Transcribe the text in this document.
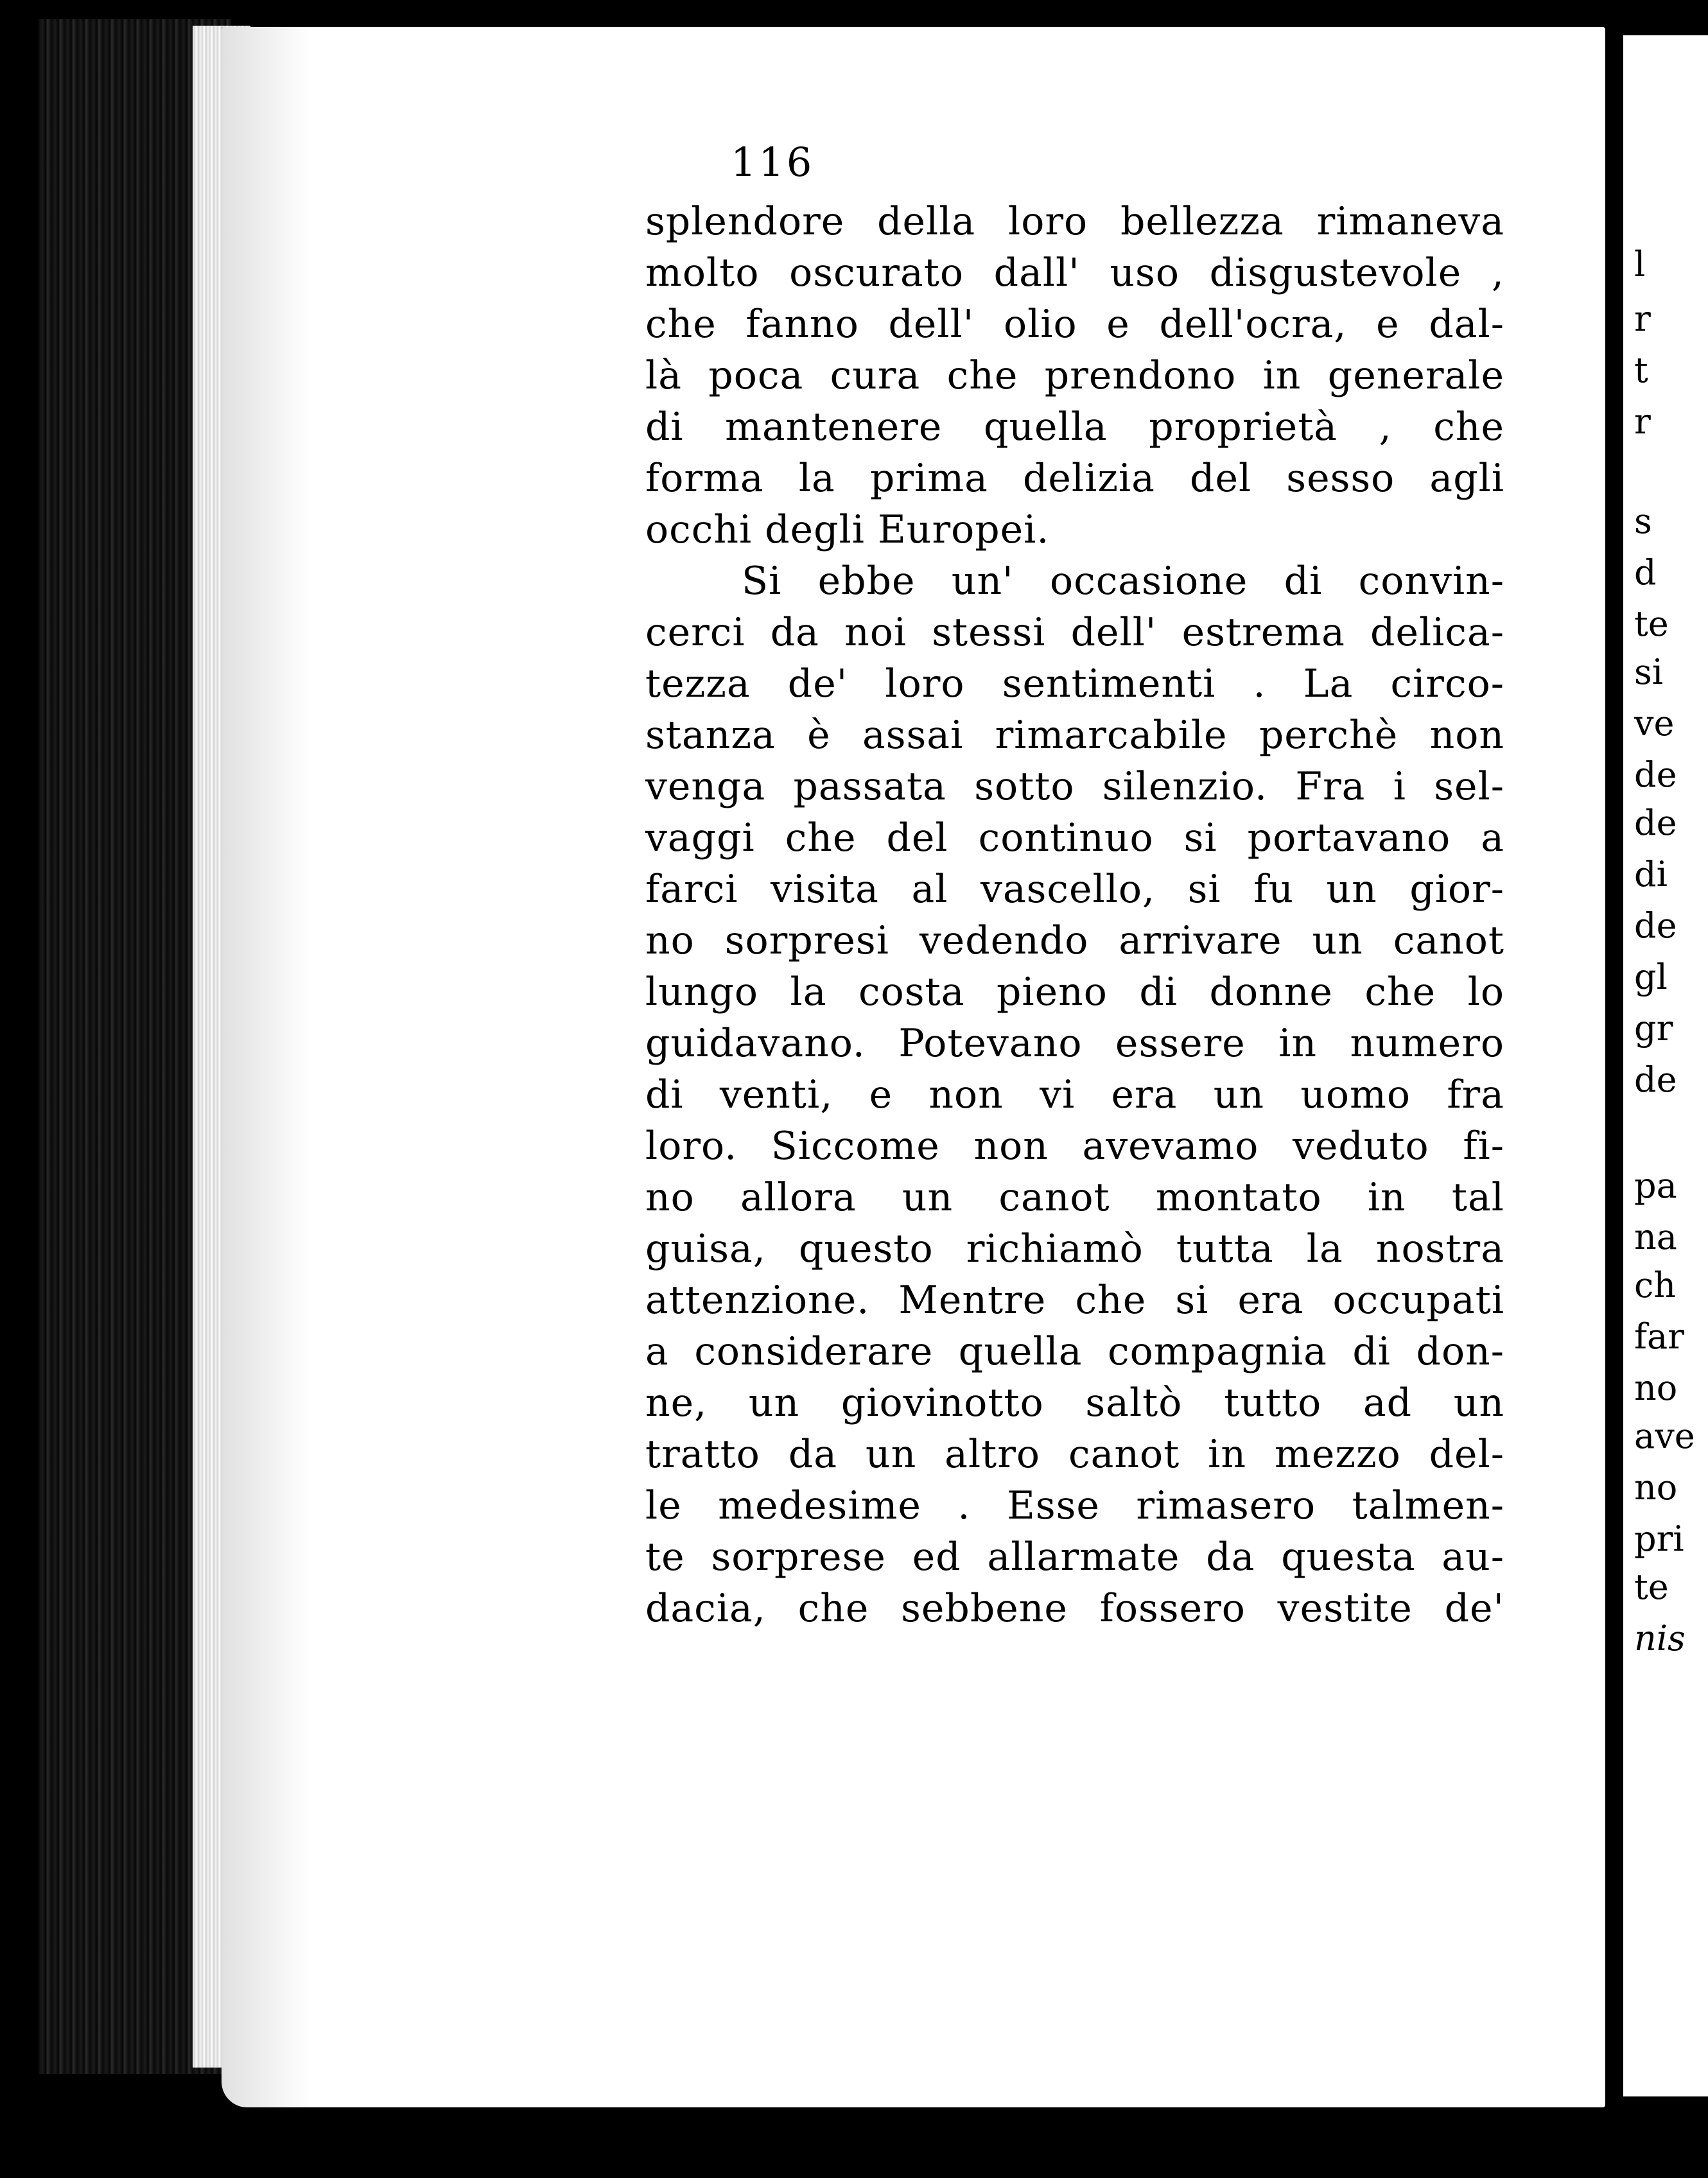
116
splendore della loro bellezza rimaneva
molto oscurato dall' uso disgustevole ,
che fanno dell' olio e dell'ocra, e dal-
là poca cura che prendono in generale
di mantenere quella proprietà , che
forma la prima delizia del sesso agli
occhi degli Europei.
Si ebbe un' occasione di convin-
cerci da noi stessi dell' estrema delica-
tezza de' loro sentimenti . La circo-
stanza è assai rimarcabile perchè non
venga passata sotto silenzio. Fra i sel-
vaggi che del continuo si portavano a
farci visita al vascello, si fu un gior-
no sorpresi vedendo arrivare un canot
lungo la costa pieno di donne che lo
guidavano. Potevano essere in numero
di venti, e non vi era un uomo fra
loro. Siccome non avevamo veduto fi-
no allora un canot montato in tal
guisa, questo richiamò tutta la nostra
attenzione. Mentre che si era occupati
a considerare quella compagnia di don-
ne, un giovinotto saltò tutto ad un
tratto da un altro canot in mezzo del-
le medesime . Esse rimasero talmen-
te sorprese ed allarmate da questa au-
dacia, che sebbene fossero vestite de'
l
r
t
r
s
d
te
si
ve
de
de
di
de
gl
gr
de
pa
na
ch
far
no
ave
no
pri
te
nis
